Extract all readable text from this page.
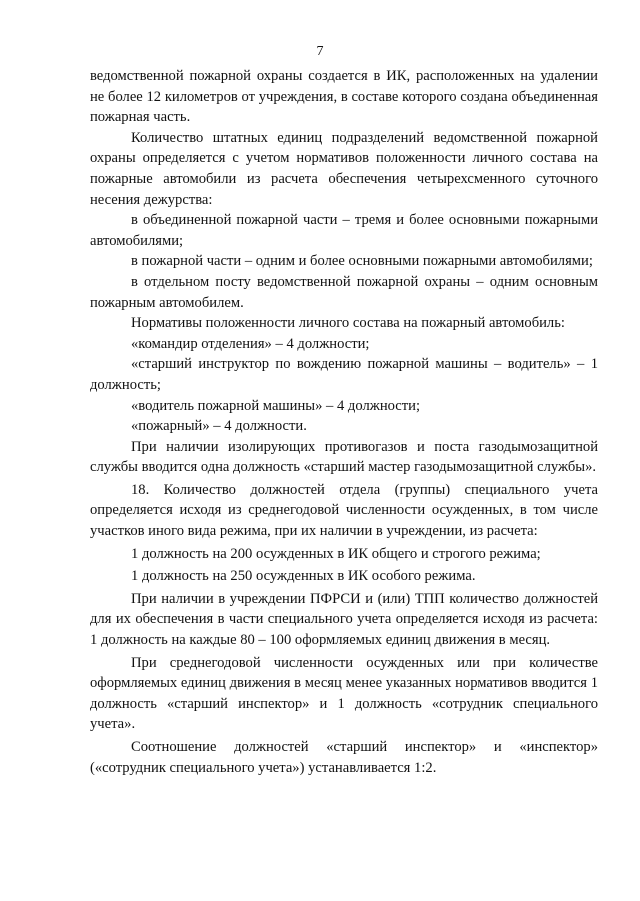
7

ведомственной пожарной охраны создается в ИК, расположенных на удалении не более 12 километров от учреждения, в составе которого создана объединенная пожарная часть.

Количество штатных единиц подразделений ведомственной пожарной охраны определяется с учетом нормативов положенности личного состава на пожарные автомобили из расчета обеспечения четырехсменного суточного несения дежурства:

в объединенной пожарной части – тремя и более основными пожарными автомобилями;

в пожарной части – одним и более основными пожарными автомобилями;

в отдельном посту ведомственной пожарной охраны – одним основным пожарным автомобилем.

Нормативы положенности личного состава на пожарный автомобиль:

«командир отделения» – 4 должности;

«старший инструктор по вождению пожарной машины – водитель» – 1 должность;

«водитель пожарной машины» – 4 должности;

«пожарный» – 4 должности.

При наличии изолирующих противогазов и поста газодымозащитной службы вводится одна должность «старший мастер газодымозащитной службы».

18. Количество должностей отдела (группы) специального учета определяется исходя из среднегодовой численности осужденных, в том числе участков иного вида режима, при их наличии в учреждении, из расчета:

1 должность на 200 осужденных в ИК общего и строгого режима;

1 должность на 250 осужденных в ИК особого режима.

При наличии в учреждении ПФРСИ и (или) ТПП количество должностей для их обеспечения в части специального учета определяется исходя из расчета: 1 должность на каждые 80 – 100 оформляемых единиц движения в месяц.

При среднегодовой численности осужденных или при количестве оформляемых единиц движения в месяц менее указанных нормативов вводится 1 должность «старший инспектор» и 1 должность «сотрудник специального учета».

Соотношение должностей «старший инспектор» и «инспектор» («сотрудник специального учета») устанавливается 1:2.
